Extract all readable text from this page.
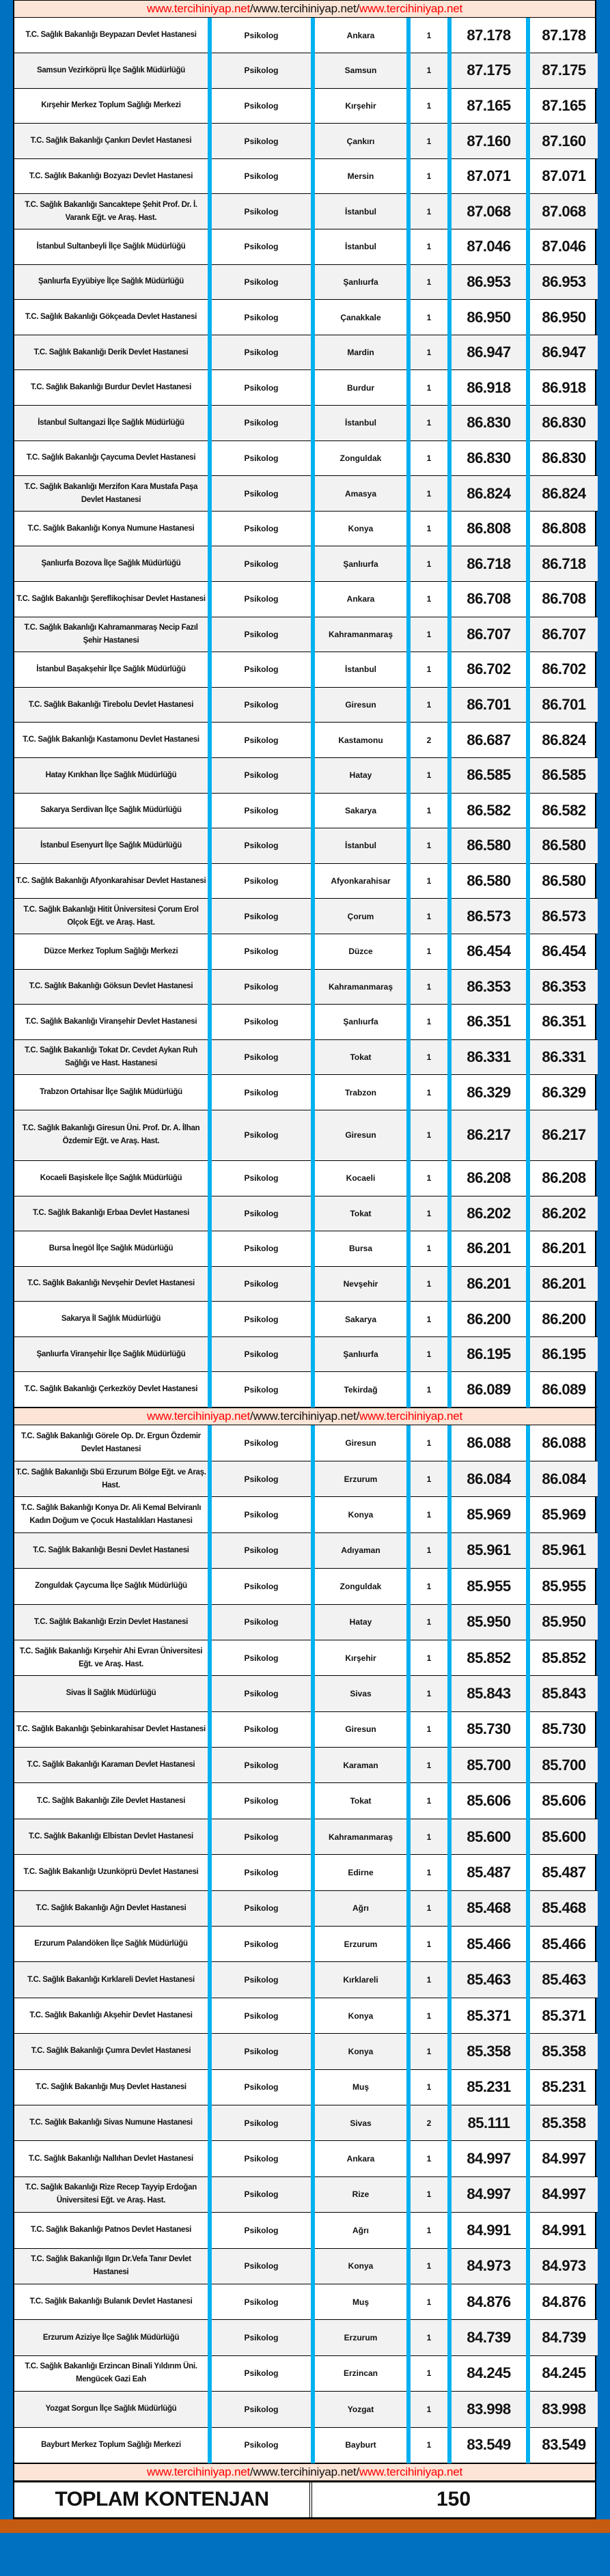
www.tercihiniyap.net / www.tercihiniyap.net / www.tercihiniyap.net
T.C. Sağlık Bakanlığı Beypazarı Devlet Hastanesi	Psikolog	Ankara	1	87.178	87.178
Samsun Vezirköprü İlçe Sağlık Müdürlüğü	Psikolog	Samsun	1	87.175	87.175
Kırşehir Merkez Toplum Sağlığı Merkezi	Psikolog	Kırşehir	1	87.165	87.165
T.C. Sağlık Bakanlığı Çankırı Devlet Hastanesi	Psikolog	Çankırı	1	87.160	87.160
T.C. Sağlık Bakanlığı Bozyazı Devlet Hastanesi	Psikolog	Mersin	1	87.071	87.071
T.C. Sağlık Bakanlığı Sancaktepe Şehit Prof. Dr. İ. Varank Eğt. ve Araş. Hast.	Psikolog	İstanbul	1	87.068	87.068
İstanbul Sultanbeyli İlçe Sağlık Müdürlüğü	Psikolog	İstanbul	1	87.046	87.046
Şanlıurfa Eyyübiye İlçe Sağlık Müdürlüğü	Psikolog	Şanlıurfa	1	86.953	86.953
T.C. Sağlık Bakanlığı Gökçeada Devlet Hastanesi	Psikolog	Çanakkale	1	86.950	86.950
T.C. Sağlık Bakanlığı Derik Devlet Hastanesi	Psikolog	Mardin	1	86.947	86.947
T.C. Sağlık Bakanlığı Burdur Devlet Hastanesi	Psikolog	Burdur	1	86.918	86.918
İstanbul Sultangazi İlçe Sağlık Müdürlüğü	Psikolog	İstanbul	1	86.830	86.830
T.C. Sağlık Bakanlığı Çaycuma Devlet Hastanesi	Psikolog	Zonguldak	1	86.830	86.830
T.C. Sağlık Bakanlığı Merzifon Kara Mustafa Paşa Devlet Hastanesi	Psikolog	Amasya	1	86.824	86.824
T.C. Sağlık Bakanlığı Konya Numune Hastanesi	Psikolog	Konya	1	86.808	86.808
Şanlıurfa Bozova İlçe Sağlık Müdürlüğü	Psikolog	Şanlıurfa	1	86.718	86.718
T.C. Sağlık Bakanlığı Şereflikoçhisar Devlet Hastanesi	Psikolog	Ankara	1	86.708	86.708
T.C. Sağlık Bakanlığı Kahramanmaraş Necip Fazıl Şehir Hastanesi	Psikolog	Kahramanmaraş	1	86.707	86.707
İstanbul Başakşehir İlçe Sağlık Müdürlüğü	Psikolog	İstanbul	1	86.702	86.702
T.C. Sağlık Bakanlığı Tirebolu Devlet Hastanesi	Psikolog	Giresun	1	86.701	86.701
T.C. Sağlık Bakanlığı Kastamonu Devlet Hastanesi	Psikolog	Kastamonu	2	86.687	86.824
Hatay Kırıkhan İlçe Sağlık Müdürlüğü	Psikolog	Hatay	1	86.585	86.585
Sakarya Serdivan İlçe Sağlık Müdürlüğü	Psikolog	Sakarya	1	86.582	86.582
İstanbul Esenyurt İlçe Sağlık Müdürlüğü	Psikolog	İstanbul	1	86.580	86.580
T.C. Sağlık Bakanlığı Afyonkarahisar Devlet Hastanesi	Psikolog	Afyonkarahisar	1	86.580	86.580
T.C. Sağlık Bakanlığı Hitit Üniversitesi Çorum Erol Olçok Eğt. ve Araş. Hast.	Psikolog	Çorum	1	86.573	86.573
Düzce Merkez Toplum Sağlığı Merkezi	Psikolog	Düzce	1	86.454	86.454
T.C. Sağlık Bakanlığı Göksun Devlet Hastanesi	Psikolog	Kahramanmaraş	1	86.353	86.353
T.C. Sağlık Bakanlığı Viranşehir Devlet Hastanesi	Psikolog	Şanlıurfa	1	86.351	86.351
T.C. Sağlık Bakanlığı Tokat Dr. Cevdet Aykan Ruh Sağlığı ve Hast. Hastanesi	Psikolog	Tokat	1	86.331	86.331
Trabzon Ortahisar İlçe Sağlık Müdürlüğü	Psikolog	Trabzon	1	86.329	86.329
T.C. Sağlık Bakanlığı Giresun Üni. Prof. Dr. A. İlhan Özdemir Eğt. ve Araş. Hast.	Psikolog	Giresun	1	86.217	86.217
Kocaeli Başiskele İlçe Sağlık Müdürlüğü	Psikolog	Kocaeli	1	86.208	86.208
T.C. Sağlık Bakanlığı Erbaa Devlet Hastanesi	Psikolog	Tokat	1	86.202	86.202
Bursa İnegöl İlçe Sağlık Müdürlüğü	Psikolog	Bursa	1	86.201	86.201
T.C. Sağlık Bakanlığı Nevşehir Devlet Hastanesi	Psikolog	Nevşehir	1	86.201	86.201
Sakarya İl Sağlık Müdürlüğü	Psikolog	Sakarya	1	86.200	86.200
Şanlıurfa Viranşehir İlçe Sağlık Müdürlüğü	Psikolog	Şanlıurfa	1	86.195	86.195
T.C. Sağlık Bakanlığı Çerkezköy Devlet Hastanesi	Psikolog	Tekirdağ	1	86.089	86.089
www.tercihiniyap.net / www.tercihiniyap.net / www.tercihiniyap.net
T.C. Sağlık Bakanlığı Görele Op. Dr. Ergun Özdemir Devlet Hastanesi	Psikolog	Giresun	1	86.088	86.088
T.C. Sağlık Bakanlığı Sbü Erzurum Bölge Eğt. ve Araş. Hast.	Psikolog	Erzurum	1	86.084	86.084
T.C. Sağlık Bakanlığı Konya Dr. Ali Kemal Belviranlı Kadın Doğum ve Çocuk Hastalıkları Hastanesi	Psikolog	Konya	1	85.969	85.969
T.C. Sağlık Bakanlığı Besni Devlet Hastanesi	Psikolog	Adıyaman	1	85.961	85.961
Zonguldak Çaycuma İlçe Sağlık Müdürlüğü	Psikolog	Zonguldak	1	85.955	85.955
T.C. Sağlık Bakanlığı Erzin Devlet Hastanesi	Psikolog	Hatay	1	85.950	85.950
T.C. Sağlık Bakanlığı Kırşehir Ahi Evran Üniversitesi Eğt. ve Araş. Hast.	Psikolog	Kırşehir	1	85.852	85.852
Sivas İl Sağlık Müdürlüğü	Psikolog	Sivas	1	85.843	85.843
T.C. Sağlık Bakanlığı Şebinkarahisar Devlet Hastanesi	Psikolog	Giresun	1	85.730	85.730
T.C. Sağlık Bakanlığı Karaman Devlet Hastanesi	Psikolog	Karaman	1	85.700	85.700
T.C. Sağlık Bakanlığı Zile Devlet Hastanesi	Psikolog	Tokat	1	85.606	85.606
T.C. Sağlık Bakanlığı Elbistan Devlet Hastanesi	Psikolog	Kahramanmaraş	1	85.600	85.600
T.C. Sağlık Bakanlığı Uzunköprü Devlet Hastanesi	Psikolog	Edirne	1	85.487	85.487
T.C. Sağlık Bakanlığı Ağrı Devlet Hastanesi	Psikolog	Ağrı	1	85.468	85.468
Erzurum Palandöken İlçe Sağlık Müdürlüğü	Psikolog	Erzurum	1	85.466	85.466
T.C. Sağlık Bakanlığı Kırklareli Devlet Hastanesi	Psikolog	Kırklareli	1	85.463	85.463
T.C. Sağlık Bakanlığı Akşehir Devlet Hastanesi	Psikolog	Konya	1	85.371	85.371
T.C. Sağlık Bakanlığı Çumra Devlet Hastanesi	Psikolog	Konya	1	85.358	85.358
T.C. Sağlık Bakanlığı Muş Devlet Hastanesi	Psikolog	Muş	1	85.231	85.231
T.C. Sağlık Bakanlığı Sivas Numune Hastanesi	Psikolog	Sivas	2	85.111	85.358
T.C. Sağlık Bakanlığı Nallıhan Devlet Hastanesi	Psikolog	Ankara	1	84.997	84.997
T.C. Sağlık Bakanlığı Rize Recep Tayyip Erdoğan Üniversitesi Eğt. ve Araş. Hast.	Psikolog	Rize	1	84.997	84.997
T.C. Sağlık Bakanlığı Patnos Devlet Hastanesi	Psikolog	Ağrı	1	84.991	84.991
T.C. Sağlık Bakanlığı Ilgın Dr.Vefa Tanır Devlet Hastanesi	Psikolog	Konya	1	84.973	84.973
T.C. Sağlık Bakanlığı Bulanık Devlet Hastanesi	Psikolog	Muş	1	84.876	84.876
Erzurum Aziziye İlçe Sağlık Müdürlüğü	Psikolog	Erzurum	1	84.739	84.739
T.C. Sağlık Bakanlığı Erzincan Binali Yıldırım Üni. Mengücek Gazi Eah	Psikolog	Erzincan	1	84.245	84.245
Yozgat Sorgun İlçe Sağlık Müdürlüğü	Psikolog	Yozgat	1	83.998	83.998
Bayburt Merkez Toplum Sağlığı Merkezi	Psikolog	Bayburt	1	83.549	83.549
www.tercihiniyap.net / www.tercihiniyap.net / www.tercihiniyap.net
TOPLAM KONTENJAN	150
